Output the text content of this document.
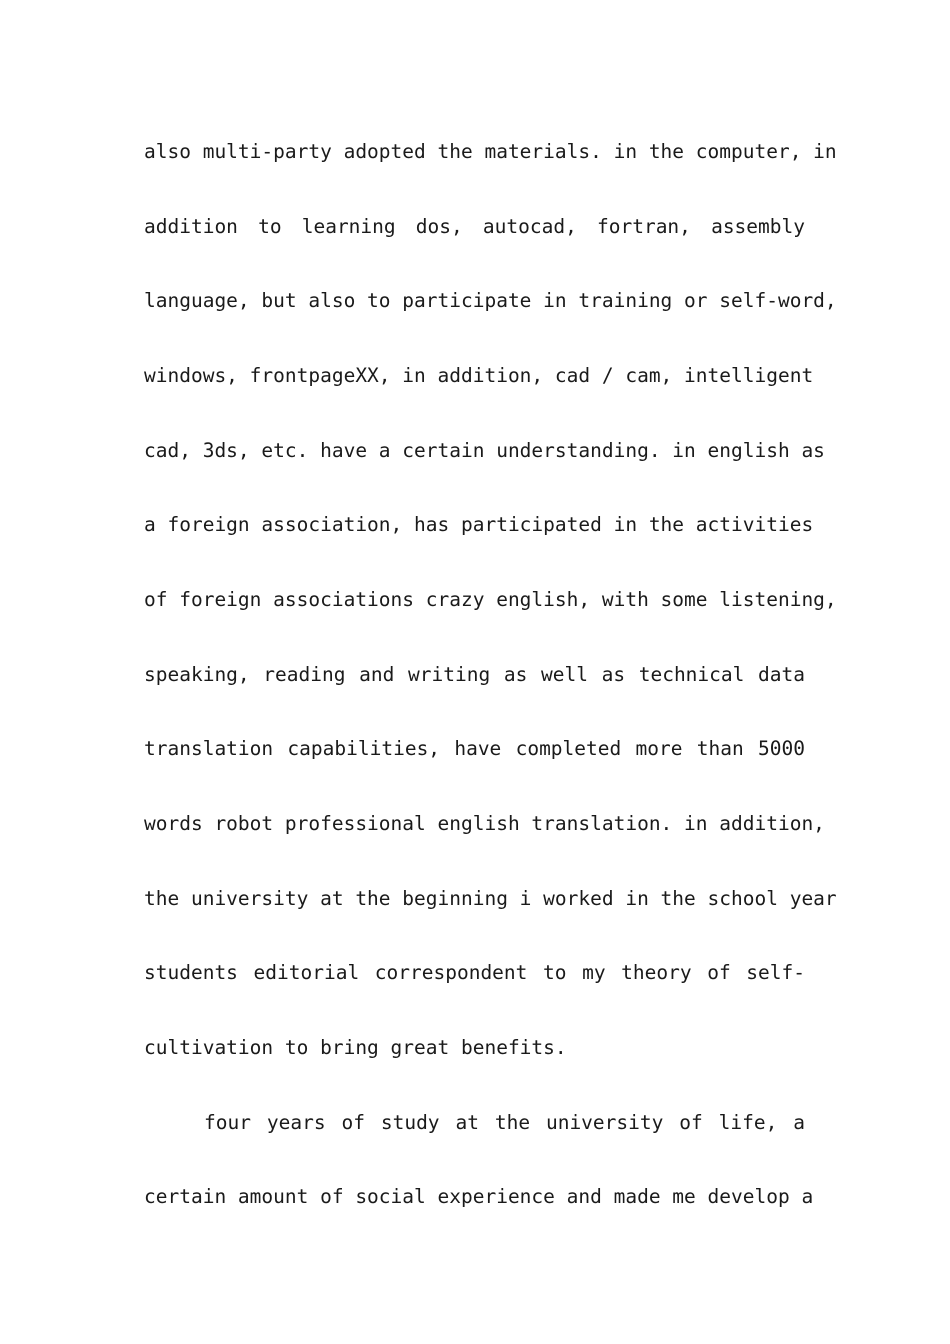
also multi-party adopted the materials. in the computer, in
addition to learning dos, autocad, fortran, assembly
language, but also to participate in training or self-word,
windows, frontpageXX, in addition, cad / cam, intelligent
cad, 3ds, etc. have a certain understanding. in english as
a foreign association, has participated in the activities
of foreign associations crazy english, with some listening,
speaking, reading and writing as well as technical data
translation capabilities, have completed more than 5000
words robot professional english translation. in addition,
the university at the beginning i worked in the school year
students editorial correspondent to my theory of self-
cultivation to bring great benefits.
four years of study at the university of life, a
certain amount of social experience and made me develop a
